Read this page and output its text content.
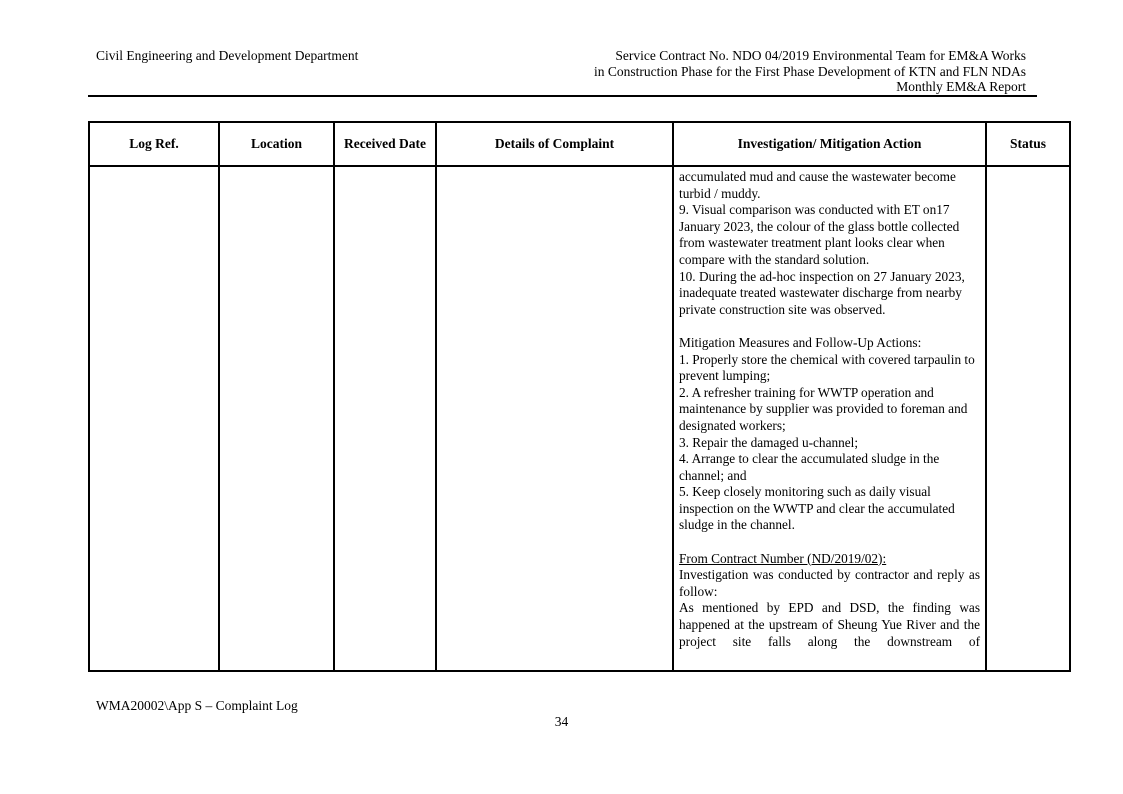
Civil Engineering and Development Department	Service Contract No. NDO 04/2019 Environmental Team for EM&A Works
in Construction Phase for the First Phase Development of KTN and FLN NDAs
Monthly EM&A Report
Log Ref.	Location	Received Date	Details of Complaint	Investigation/ Mitigation Action	Status

accumulated mud and cause the wastewater become turbid / muddy.
9. Visual comparison was conducted with ET on17 January 2023, the colour of the glass bottle collected from wastewater treatment plant looks clear when compare with the standard solution.
10. During the ad-hoc inspection on 27 January 2023, inadequate treated wastewater discharge from nearby private construction site was observed.
Mitigation Measures and Follow-Up Actions:
1. Properly store the chemical with covered tarpaulin to prevent lumping;
2. A refresher training for WWTP operation and maintenance by supplier was provided to foreman and designated workers;
3. Repair the damaged u-channel;
4. Arrange to clear the accumulated sludge in the channel; and
5. Keep closely monitoring such as daily visual inspection on the WWTP and clear the accumulated sludge in the channel.
From Contract Number (ND/2019/02):
Investigation was conducted by contractor and reply as follow:
As mentioned by EPD and DSD, the finding was happened at the upstream of Sheung Yue River and the project site falls along the downstream of

WMA20002\App S – Complaint Log
34
